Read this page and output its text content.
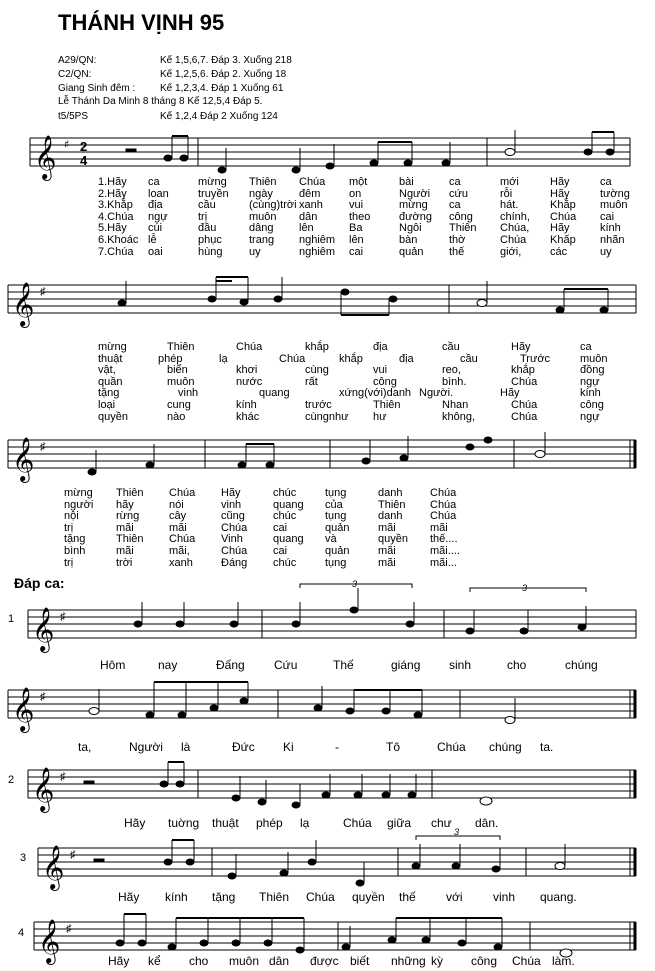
THÁNH VỊNH 95
A29/QN:	Kế 1,5,6,7. Đáp 3. Xuống 218
C2/QN:	Kế 1,2,5,6. Đáp 2. Xuống 18
Giang Sinh đêm : Kế 1,2,3,4. Đáp 1 Xuống 61
Lễ Thánh Da Minh 8 tháng 8 Kế 12,5,4 Đáp 5.
t5/5PS	Kế 1,2,4 Đáp 2 Xuống 124
𝄞 ♯ 2
4
1.Hãy ca	mừng Thiên Chúa một	bài	ca	mới	Hãy	ca
2.Hãy loan	truyền ngày đêm	on	Người cứu	rỗi	Hãy	tường
3.Khắp địa	cầu	(cùng)trời xanh vui	mừng ca	hát.	Khắp muôn
4.Chúa ngự	trị	muôn dân	theo	đường công chính, Chúa cai
5.Hãy cúi	đầu	dâng lên	Ba	Ngôi Thiên Chúa, Hãy	kính
6.Khoác lễ	phục trang nghiêm lên	bàn	thờ	Chúa Khấp nhãn
7.Chúa oai	hùng uy	nghiêm cai	quản thế	giới,	các	uy
𝄞 ♯
mừng	Thiên	Chúa	khắp	địa	cầu	Hãy	ca
thuật	phép	lạ	Chúa	khắp	địa	cầu	Trước	muôn
vật,	biển	khơi	cùng	vui	reo,	khắp	đồng
quần	muôn	nước	rất	công	bình.	Chúa	ngự
tặng	vinh	quang	xứng(với)danh Người.	Hãy	kính
loại	cung	kính	trước	Thiên	Nhan	Chúa	công
quyền	nào	khác	cùngnhư hư	không,	Chúa	ngự
𝄞 ♯
mừng Thiên Chúa Hãy	chúc	tụng	danh	Chúa
người hãy	nói	vinh	quang của	Thiên Chúa
nội	rừng	cây	cũng	chúc	tụng	danh	Chúa
trị	mãi	mãi	Chúa cai	quản	mãi	mãi
tặng	Thiên Chúa Vinh	quang và	quyền thế....
bình	mãi	mãi,	Chúa cai	quản	mãi	mãi....
trị	trời	xanh	Đáng chúc	tụng	mãi	mãi...
Đáp ca:
1 𝄞 ♯
3	3
Hôm	nay	Đấng Cứu	Thế	giáng sinh	cho	chúng
𝄞 ♯
ta,	Người là	Đức Ki	-	Tô	Chúa chúng ta.
2 𝄞 ♯
Hãy tuờng thuật phép lạ	Chúa giữa chư dân.
3 𝄞 ♯
3
Hãy kính tặng Thiên Chúa quyền thế	với	vinh quang.
4 𝄞 ♯
Hãy kể cho muôn dân được biết những kỳ công Chúa làm.
